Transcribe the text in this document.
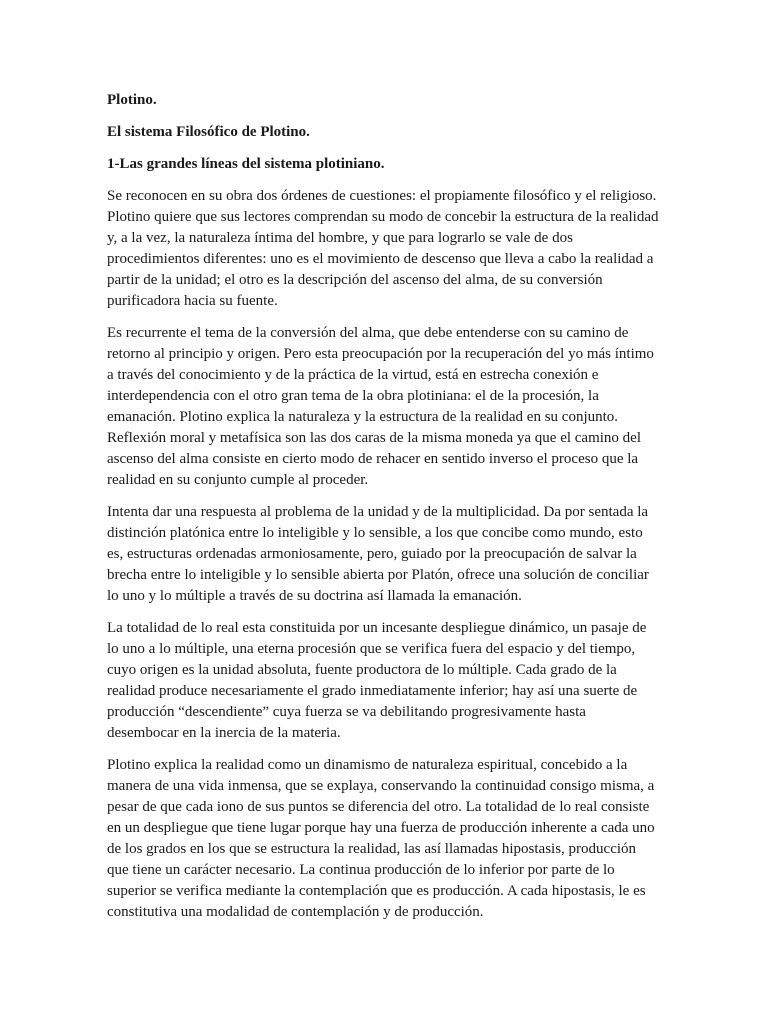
Plotino.

El sistema Filosófico de Plotino.

1-Las grandes líneas del sistema plotiniano.

Se reconocen en su obra dos órdenes de cuestiones: el propiamente filosófico y el religioso.
Plotino quiere que sus lectores comprendan su modo de concebir la estructura de la realidad
y, a la vez, la naturaleza íntima del hombre, y que para lograrlo se vale de dos
procedimientos diferentes: uno es el movimiento de descenso que lleva a cabo la realidad a
partir de la unidad; el otro es la descripción del ascenso del alma, de su conversión
purificadora hacia su fuente.

Es recurrente el tema de la conversión del alma, que debe entenderse con su camino de
retorno al principio y origen. Pero esta preocupación por la recuperación del yo más íntimo
a través del conocimiento y de la práctica de la virtud, está en estrecha conexión e
interdependencia con el otro gran tema de la obra plotiniana: el de la procesión, la
emanación. Plotino explica la naturaleza y la estructura de la realidad en su conjunto.
Reflexión moral y metafísica son las dos caras de la misma moneda ya que el camino del
ascenso del alma consiste en cierto modo de rehacer en sentido inverso el proceso que la
realidad en su conjunto cumple al proceder.

Intenta dar una respuesta al problema de la unidad y de la multiplicidad. Da por sentada la
distinción platónica entre lo inteligible y lo sensible, a los que concibe como mundo, esto
es, estructuras ordenadas armoniosamente, pero, guiado por la preocupación de salvar la
brecha entre lo inteligible y lo sensible abierta por Platón, ofrece una solución de conciliar
lo uno y lo múltiple a través de su doctrina así llamada la emanación.

La totalidad de lo real esta constituida por un incesante despliegue dinámico, un pasaje de
lo uno a lo múltiple, una eterna procesión que se verifica fuera del espacio y del tiempo,
cuyo origen es la unidad absoluta, fuente productora de lo múltiple. Cada grado de la
realidad produce necesariamente el grado inmediatamente inferior; hay así una suerte de
producción “descendiente” cuya fuerza se va debilitando progresivamente hasta
desembocar en la inercia de la materia.

Plotino explica la realidad como un dinamismo de naturaleza espiritual, concebido a la
manera de una vida inmensa, que se explaya, conservando la continuidad consigo misma, a
pesar de que cada iono de sus puntos se diferencia del otro. La totalidad de lo real consiste
en un despliegue que tiene lugar porque hay una fuerza de producción inherente a cada uno
de los grados en los que se estructura la realidad, las así llamadas hipostasis, producción
que tiene un carácter necesario. La continua producción de lo inferior por parte de lo
superior se verifica mediante la contemplación que es producción. A cada hipostasis, le es
constitutiva una modalidad de contemplación y de producción.
